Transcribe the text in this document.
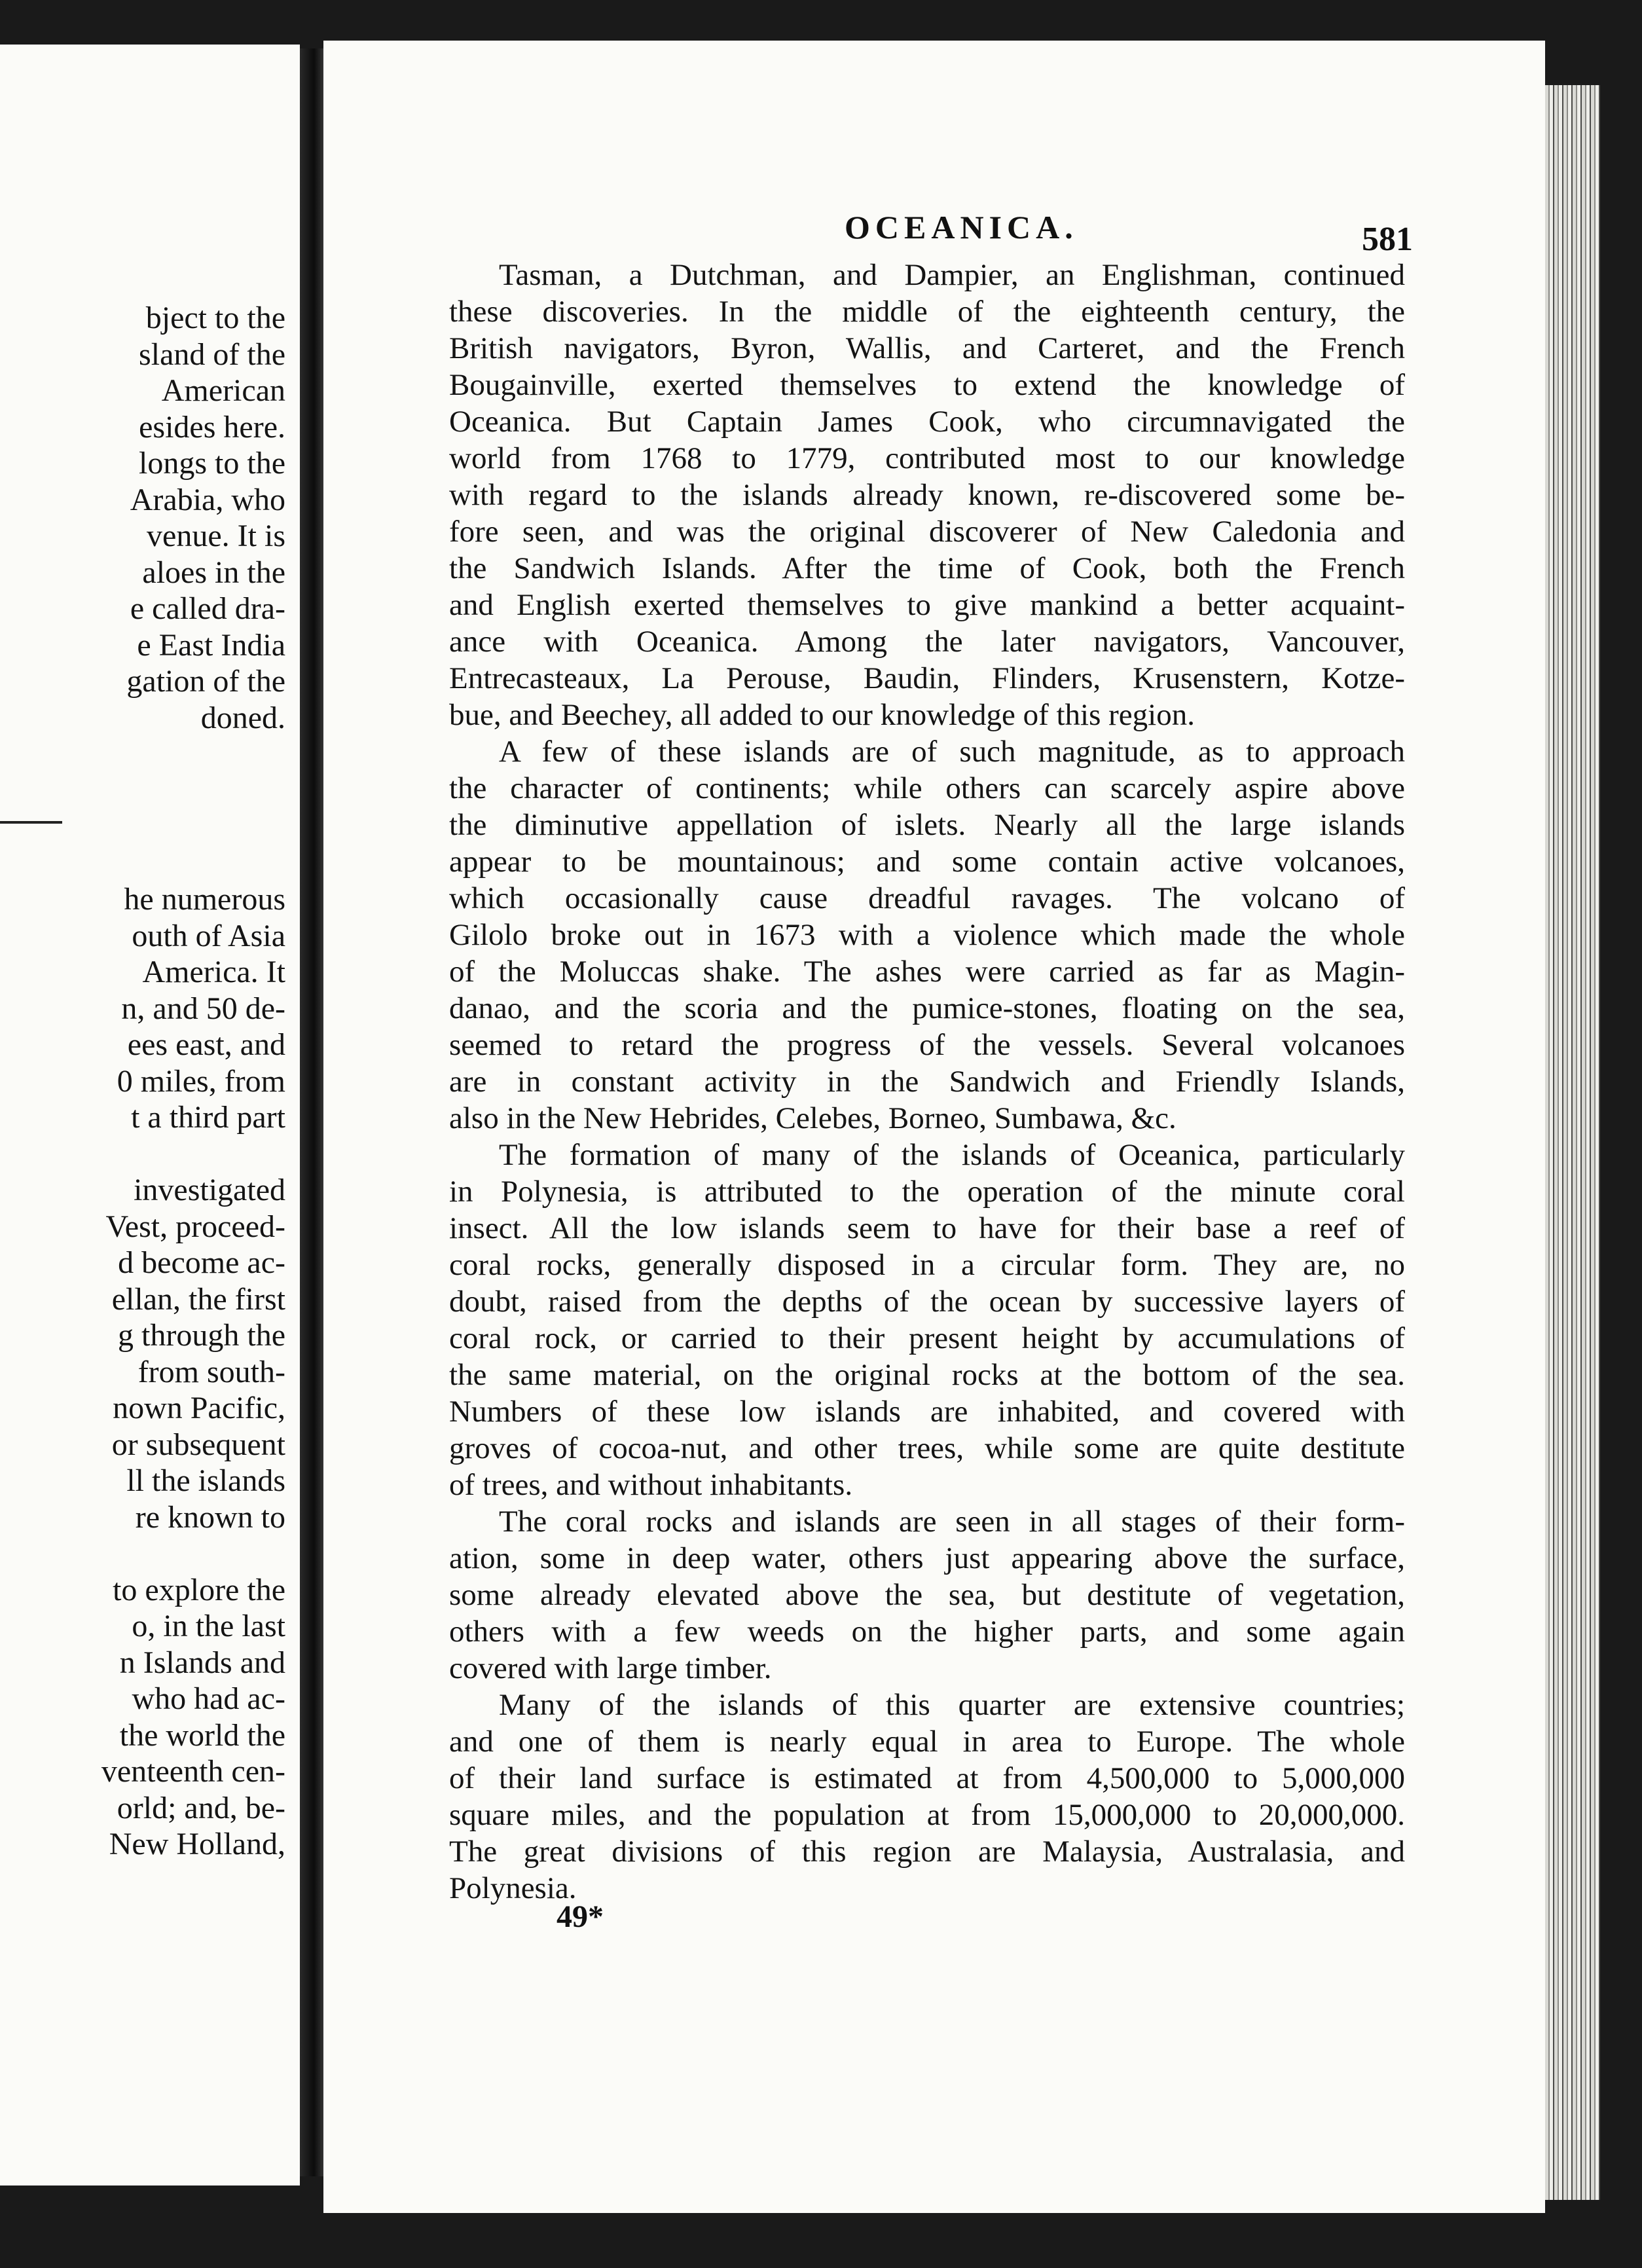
bject to the
sland of the
American
esides here.
longs to the
Arabia, who
venue. It is
aloes in the
e called dra-
e East India
gation of the
doned.
he numerous
outh of Asia
America. It
n, and 50 de-
ees east, and
0 miles, from
t a third part
investigated
Vest, proceed-
d become ac-
ellan, the first
g through the
from south-
nown Pacific,
or subsequent
ll the islands
re known to
to explore the
o, in the last
n Islands and
who had ac-
the world the
venteenth cen-
orld; and, be-
New Holland,
OCEANICA.	581
Tasman, a Dutchman, and Dampier, an Englishman, continued
these discoveries. In the middle of the eighteenth century, the
British navigators, Byron, Wallis, and Carteret, and the French
Bougainville, exerted themselves to extend the knowledge of
Oceanica. But Captain James Cook, who circumnavigated the
world from 1768 to 1779, contributed most to our knowledge
with regard to the islands already known, re-discovered some be-
fore seen, and was the original discoverer of New Caledonia and
the Sandwich Islands. After the time of Cook, both the French
and English exerted themselves to give mankind a better acquaint-
ance with Oceanica. Among the later navigators, Vancouver,
Entrecasteaux, La Perouse, Baudin, Flinders, Krusenstern, Kotze-
bue, and Beechey, all added to our knowledge of this region.
A few of these islands are of such magnitude, as to approach
the character of continents; while others can scarcely aspire above
the diminutive appellation of islets. Nearly all the large islands
appear to be mountainous; and some contain active volcanoes,
which occasionally cause dreadful ravages. The volcano of
Gilolo broke out in 1673 with a violence which made the whole
of the Moluccas shake. The ashes were carried as far as Magin-
danao, and the scoria and the pumice-stones, floating on the sea,
seemed to retard the progress of the vessels. Several volcanoes
are in constant activity in the Sandwich and Friendly Islands,
also in the New Hebrides, Celebes, Borneo, Sumbawa, &c.
The formation of many of the islands of Oceanica, particularly
in Polynesia, is attributed to the operation of the minute coral
insect. All the low islands seem to have for their base a reef of
coral rocks, generally disposed in a circular form. They are, no
doubt, raised from the depths of the ocean by successive layers of
coral rock, or carried to their present height by accumulations of
the same material, on the original rocks at the bottom of the sea.
Numbers of these low islands are inhabited, and covered with
groves of cocoa-nut, and other trees, while some are quite destitute
of trees, and without inhabitants.
The coral rocks and islands are seen in all stages of their form-
ation, some in deep water, others just appearing above the surface,
some already elevated above the sea, but destitute of vegetation,
others with a few weeds on the higher parts, and some again
covered with large timber.
Many of the islands of this quarter are extensive countries;
and one of them is nearly equal in area to Europe. The whole
of their land surface is estimated at from 4,500,000 to 5,000,000
square miles, and the population at from 15,000,000 to 20,000,000.
The great divisions of this region are Malaysia, Australasia, and
Polynesia.
49*
